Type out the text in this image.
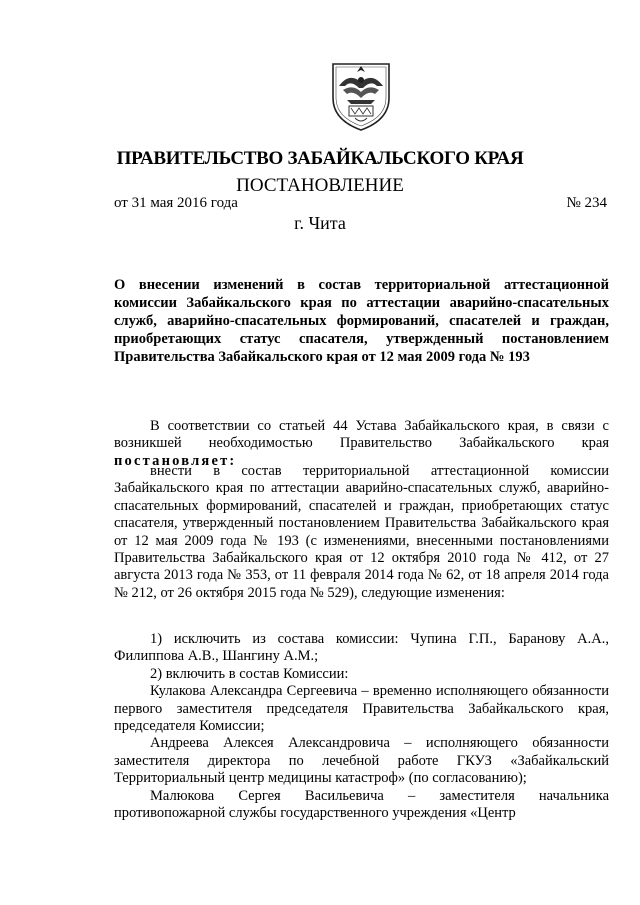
ПРАВИТЕЛЬСТВО ЗАБАЙКАЛЬСКОГО КРАЯ
ПОСТАНОВЛЕНИЕ
от 31 мая 2016 года	№ 234
г. Чита
О внесении изменений в состав территориальной аттестационной комиссии Забайкальского края по аттестации аварийно-спасательных служб, аварийно-спасательных формирований, спасателей и граждан, приобретающих статус спасателя, утвержденный постановлением Правительства Забайкальского края от 12 мая 2009 года № 193

В соответствии со статьей 44 Устава Забайкальского края, в связи с возникшей необходимостью Правительство Забайкальского края постановляет:

внести в состав территориальной аттестационной комиссии Забайкальского края по аттестации аварийно-спасательных служб, аварийно-спасательных формирований, спасателей и граждан, приобретающих статус спасателя, утвержденный постановлением Правительства Забайкальского края от 12 мая 2009 года № 193 (с изменениями, внесенными постановлениями Правительства Забайкальского края от 12 октября 2010 года № 412, от 27 августа 2013 года № 353, от 11 февраля 2014 года № 62, от 18 апреля 2014 года № 212, от 26 октября 2015 года № 529), следующие изменения:

1) исключить из состава комиссии: Чупина Г.П., Баранову А.А., Филиппова А.В., Шангину А.М.;

2) включить в состав Комиссии:

Кулакова Александра Сергеевича – временно исполняющего обязанности первого заместителя председателя Правительства Забайкальского края, председателя Комиссии;

Андреева Алексея Александровича – исполняющего обязанности заместителя директора по лечебной работе ГКУЗ «Забайкальский Территориальный центр медицины катастроф» (по согласованию);

Малюкова Сергея Васильевича – заместителя начальника противопожарной службы государственного учреждения «Центр
